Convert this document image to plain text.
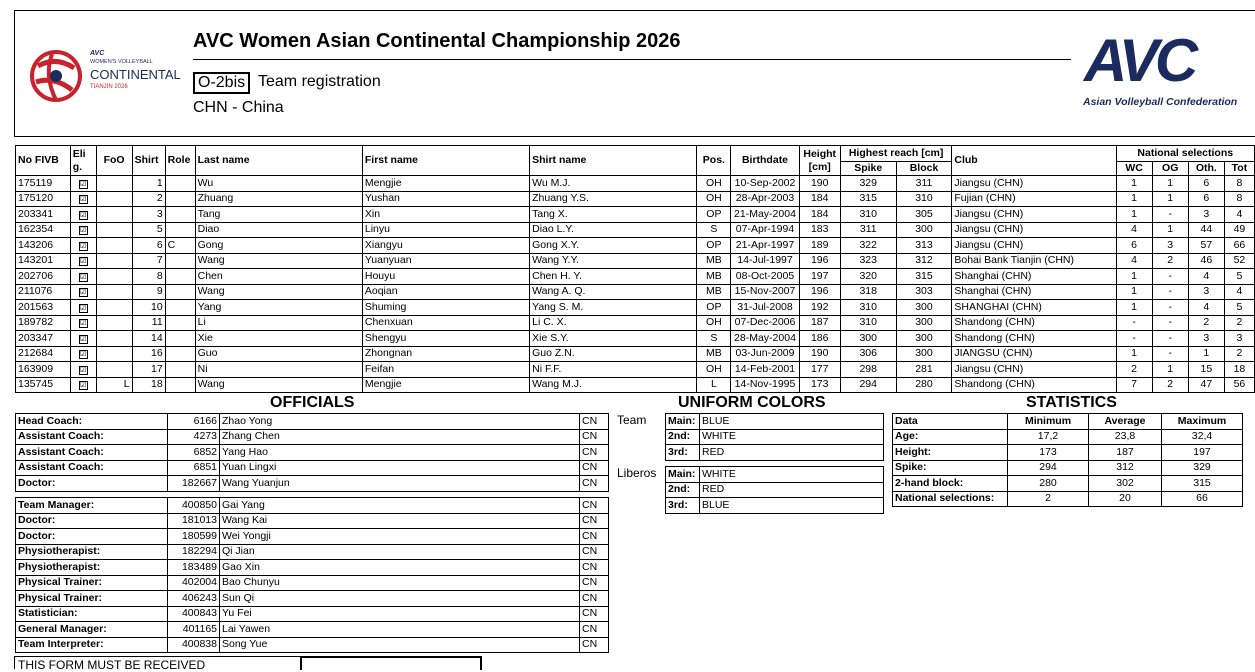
AVC
WOMEN'S VOLLEYBALL
CONTINENTAL
TIANJIN 2026
AVC Women Asian Continental Championship 2026
O-2bis Team registration
CHN - China
AVC
Asian Volleyball Confederation
No FIVB	Eli g.	FoO	Shirt	Role	Last name	First name	Shirt name	Pos.	Birthdate	Height [cm]	Highest reach [cm]		Club	National selections			
											Spike	Block		WC	OG	Oth.	Tot
175119	☑		1		Wu	Mengjie	Wu M.J.	OH	10-Sep-2002	190	329	311	Jiangsu (CHN)	1	1	6	8
175120	☑		2		Zhuang	Yushan	Zhuang Y.S.	OH	28-Apr-2003	184	315	310	Fujian (CHN)	1	1	6	8
203341	☑		3		Tang	Xin	Tang X.	OP	21-May-2004	184	310	305	Jiangsu (CHN)	1	-	3	4
162354	☑		5		Diao	Linyu	Diao L.Y.	S	07-Apr-1994	183	311	300	Jiangsu (CHN)	4	1	44	49
143206	☑		6	C	Gong	Xiangyu	Gong X.Y.	OP	21-Apr-1997	189	322	313	Jiangsu (CHN)	6	3	57	66
143201	☑		7		Wang	Yuanyuan	Wang Y.Y.	MB	14-Jul-1997	196	323	312	Bohai Bank Tianjin (CHN)	4	2	46	52
202706	☑		8		Chen	Houyu	Chen H. Y.	MB	08-Oct-2005	197	320	315	Shanghai (CHN)	1	-	4	5
211076	☑		9		Wang	Aoqian	Wang A. Q.	MB	15-Nov-2007	196	318	303	Shanghai (CHN)	1	-	3	4
201563	☑		10		Yang	Shuming	Yang S. M.	OP	31-Jul-2008	192	310	300	SHANGHAI (CHN)	1	-	4	5
189782	☑		11		Li	Chenxuan	Li C. X.	OH	07-Dec-2006	187	310	300	Shandong (CHN)	-	-	2	2
203347	☑		14		Xie	Shengyu	Xie S.Y.	S	28-May-2004	186	300	300	Shandong (CHN)	-	-	3	3
212684	☑		16		Guo	Zhongnan	Guo Z.N.	MB	03-Jun-2009	190	306	300	JIANGSU (CHN)	1	-	1	2
163909	☑		17		Ni	Feifan	Ni F.F.	OH	14-Feb-2001	177	298	281	Jiangsu (CHN)	2	1	15	18
135745	☑	L	18		Wang	Mengjie	Wang M.J.	L	14-Nov-1995	173	294	280	Shandong (CHN)	7	2	47	56
OFFICIALS
Head Coach:	6166	Zhao Yong	CN
Assistant Coach:	4273	Zhang Chen	CN
Assistant Coach:	6852	Yang Hao	CN
Assistant Coach:	6851	Yuan Lingxi	CN
Doctor:	182667	Wang Yuanjun	CN
Team Manager:	400850	Gai Yang	CN
Doctor:	181013	Wang Kai	CN
Doctor:	180599	Wei Yongji	CN
Physiotherapist:	182294	Qi Jian	CN
Physiotherapist:	183489	Gao Xin	CN
Physical Trainer:	402004	Bao Chunyu	CN
Physical Trainer:	406243	Sun Qi	CN
Statistician:	400843	Yu Fei	CN
General Manager:	401165	Lai Yawen	CN
Team Interpreter:	400838	Song Yue	CN
UNIFORM COLORS
Team
Liberos
Main:	BLUE
2nd:	WHITE
3rd:	RED
Main:	WHITE
2nd:	RED
3rd:	BLUE
STATISTICS
Data	Minimum	Average	Maximum
Age:	17,2	23,8	32,4
Height:	173	187	197
Spike:	294	312	329
2-hand block:	280	302	315
National selections:	2	20	66
THIS FORM MUST BE RECEIVED
